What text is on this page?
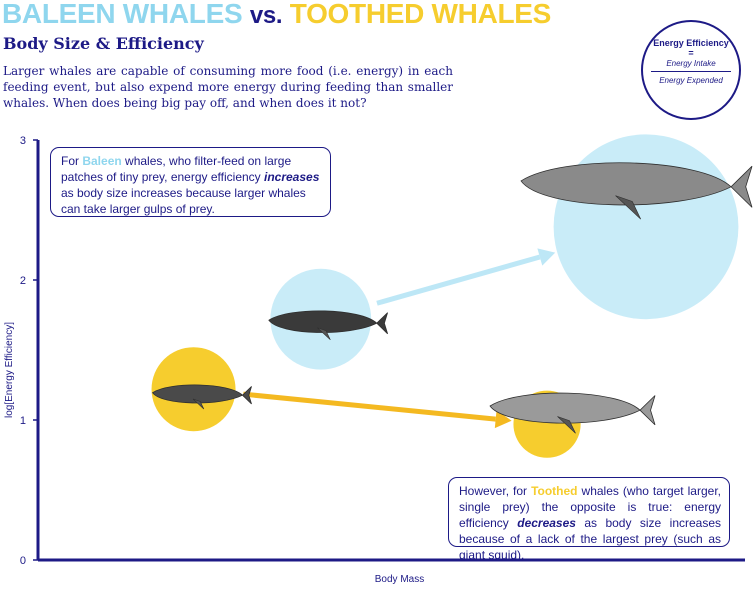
0
1
2
3
Body Mass
log[Energy Efficiency]
BALEEN WHALES vs. TOOTHED WHALES
Body Size & Efficiency
Larger whales are capable of consuming more food (i.e. energy) in each feeding event, but also expend more energy during feeding than smaller whales. When does being big pay off, and when does it not?
Energy Efficiency
=
Energy Intake
Energy Expended
For Baleen whales, who filter-feed on large patches of tiny prey, energy efficiency increases as body size increases because larger whales can take larger gulps of prey.
However, for Toothed whales (who target larger, single prey) the opposite is true: energy efficiency decreases as body size increases because of a lack of the largest prey (such as giant squid).
